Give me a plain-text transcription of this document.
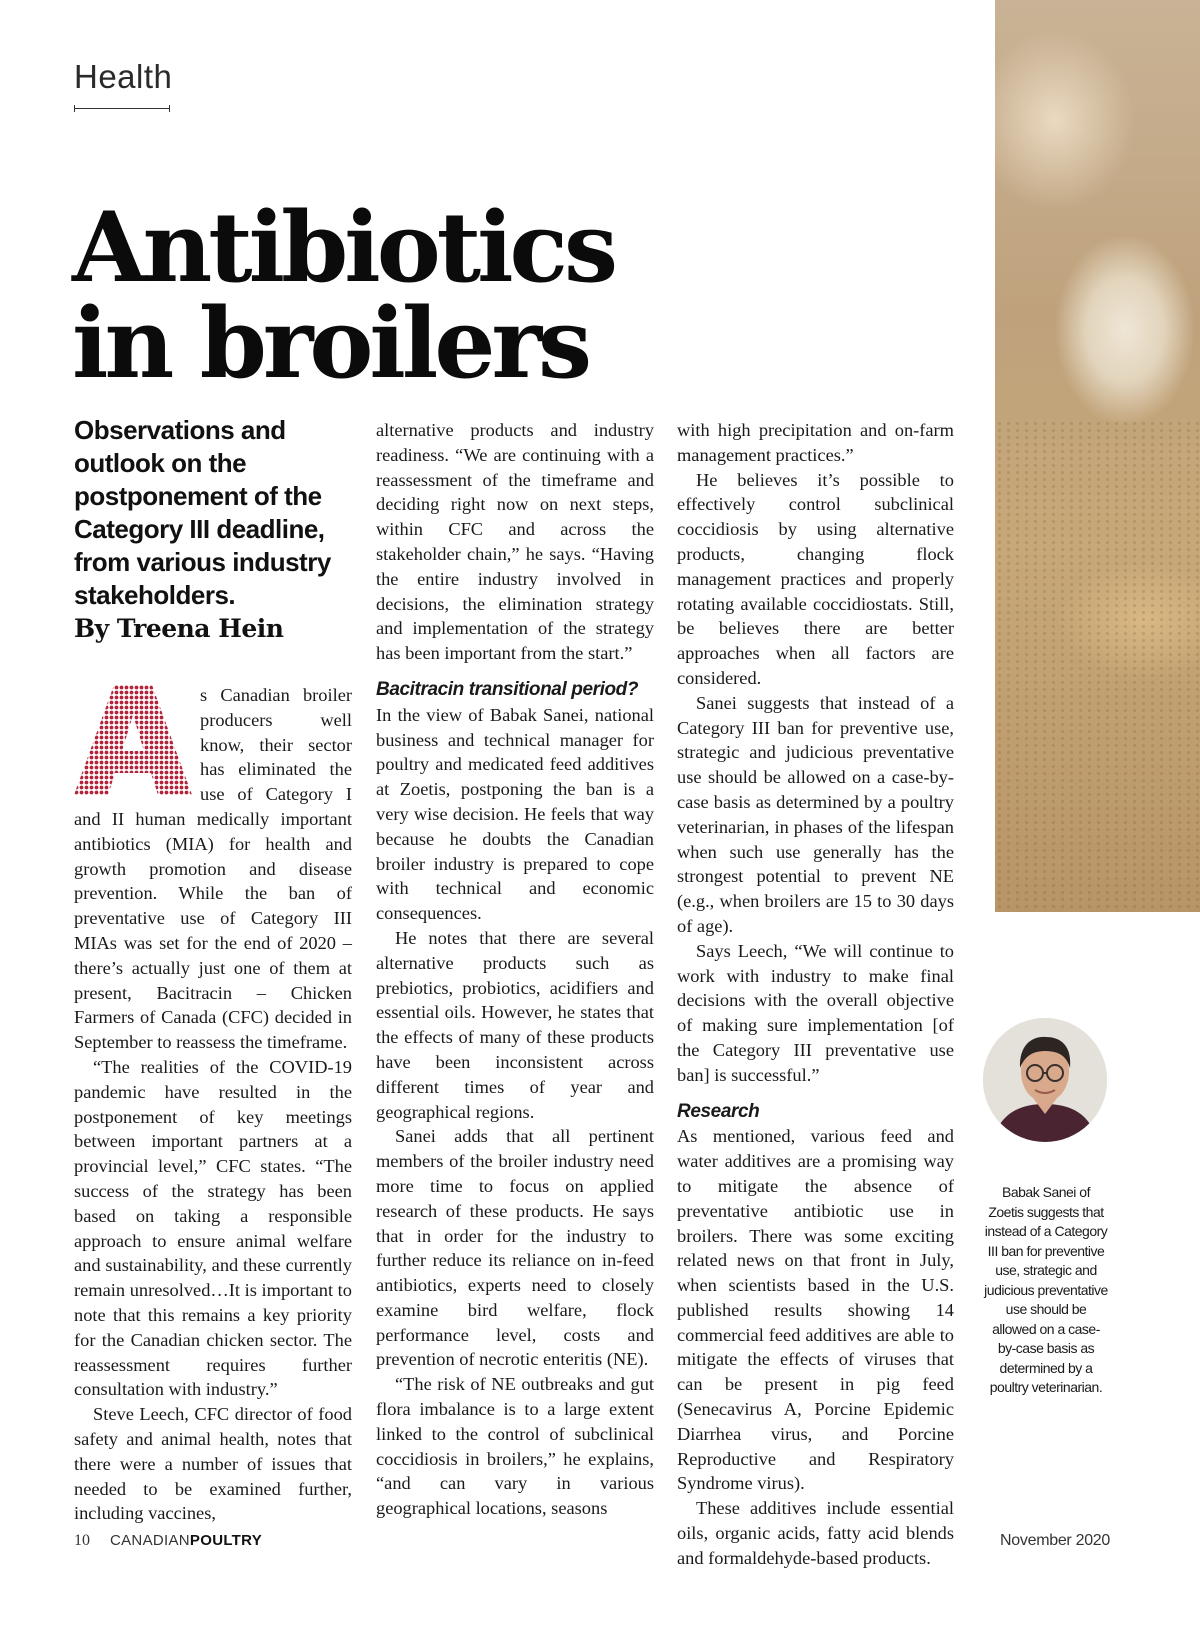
Health
Antibiotics
in broilers
Observations and outlook on the postponement of the Category III deadline, from various industry stakeholders.
By Treena Hein

s Canadian broiler producers well know, their sector has eliminated the use of Category I and II human medically important antibiotics (MIA) for health and growth promotion and disease prevention. While the ban of preventative use of Category III MIAs was set for the end of 2020 – there’s actually just one of them at present, Bacitracin – Chicken Farmers of Canada (CFC) decided in September to reassess the timeframe.

“The realities of the COVID-19 pandemic have resulted in the postponement of key meetings between important partners at a provincial level,” CFC states. “The success of the strategy has been based on taking a responsible approach to ensure animal welfare and sustainability, and these currently remain unresolved…It is important to note that this remains a key priority for the Canadian chicken sector. The reassessment requires further consultation with industry.”

Steve Leech, CFC director of food safety and animal health, notes that there were a number of issues that needed to be examined further, including vaccines,

alternative products and industry readiness. “We are continuing with a reassessment of the timeframe and deciding right now on next steps, within CFC and across the stakeholder chain,” he says. “Having the entire industry involved in decisions, the elimination strategy and implementation of the strategy has been important from the start.”

Bacitracin transitional period?

In the view of Babak Sanei, national business and technical manager for poultry and medicated feed additives at Zoetis, postponing the ban is a very wise decision. He feels that way because he doubts the Canadian broiler industry is prepared to cope with technical and economic consequences.

He notes that there are several alternative products such as prebiotics, probiotics, acidifiers and essential oils. However, he states that the effects of many of these products have been inconsistent across different times of year and geographical regions.

Sanei adds that all pertinent members of the broiler industry need more time to focus on applied research of these products. He says that in order for the industry to further reduce its reliance on in-feed antibiotics, experts need to closely examine bird welfare, flock performance level, costs and prevention of necrotic enteritis (NE).

“The risk of NE outbreaks and gut flora imbalance is to a large extent linked to the control of subclinical coccidiosis in broilers,” he explains, “and can vary in various geographical locations, seasons

with high precipitation and on-farm management practices.”

He believes it’s possible to effectively control subclinical coccidiosis by using alternative products, changing flock management practices and properly rotating available coccidiostats. Still, be believes there are better approaches when all factors are considered.

Sanei suggests that instead of a Category III ban for preventive use, strategic and judicious preventative use should be allowed on a case-by-case basis as determined by a poultry veterinarian, in phases of the lifespan when such use generally has the strongest potential to prevent NE (e.g., when broilers are 15 to 30 days of age).

Says Leech, “We will continue to work with industry to make final decisions with the overall objective of making sure implementation [of the Category III preventative use ban] is successful.”

Research

As mentioned, various feed and water additives are a promising way to mitigate the absence of preventative antibiotic use in broilers. There was some exciting related news on that front in July, when scientists based in the U.S. published results showing 14 commercial feed additives are able to mitigate the effects of viruses that can be present in pig feed (Senecavirus A, Porcine Epidemic Diarrhea virus, and Porcine Reproductive and Respiratory Syndrome virus).

These additives include essential oils, organic acids, fatty acid blends and formaldehyde-based products.

Babak Sanei of Zoetis suggests that instead of a Category III ban for preventive use, strategic and judicious preventative use should be allowed on a case-by-case basis as determined by a poultry veterinarian.
10 CANADIANPOULTRY	November 2020
